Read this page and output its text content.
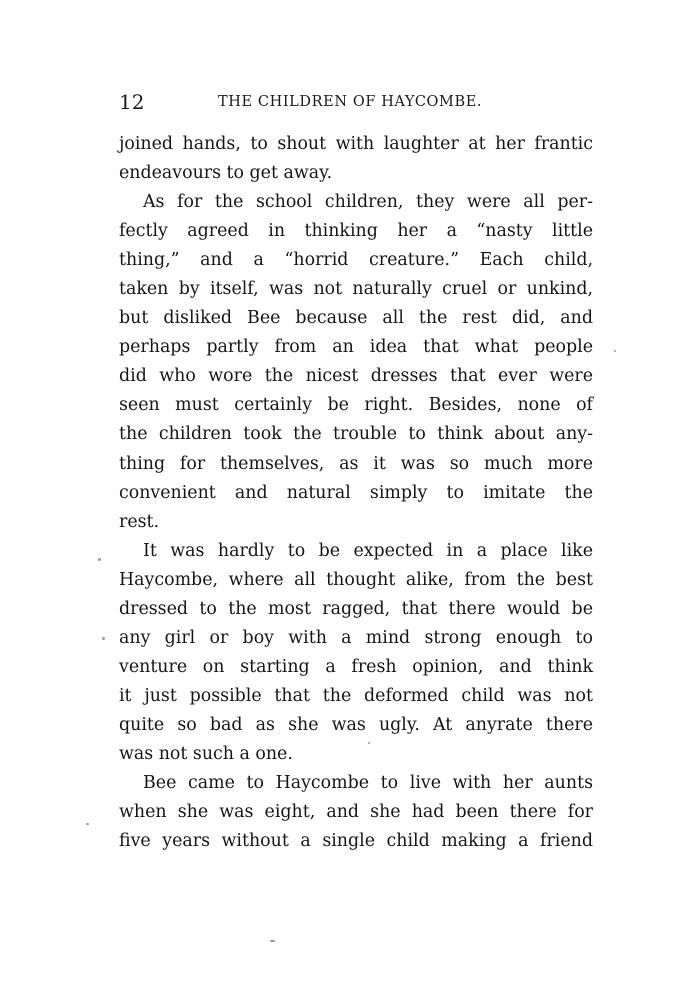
12	THE CHILDREN OF HAYCOMBE.
joined hands, to shout with laughter at her frantic
endeavours to get away.
As for the school children, they were all per-
fectly agreed in thinking her a “nasty little
thing,” and a “horrid creature.” Each child,
taken by itself, was not naturally cruel or unkind,
but disliked Bee because all the rest did, and
perhaps partly from an idea that what people
did who wore the nicest dresses that ever were
seen must certainly be right. Besides, none of
the children took the trouble to think about any-
thing for themselves, as it was so much more
convenient and natural simply to imitate the
rest.
It was hardly to be expected in a place like
Haycombe, where all thought alike, from the best
dressed to the most ragged, that there would be
any girl or boy with a mind strong enough to
venture on starting a fresh opinion, and think
it just possible that the deformed child was not
quite so bad as she was ugly. At anyrate there
was not such a one.
Bee came to Haycombe to live with her aunts
when she was eight, and she had been there for
five years without a single child making a friend
